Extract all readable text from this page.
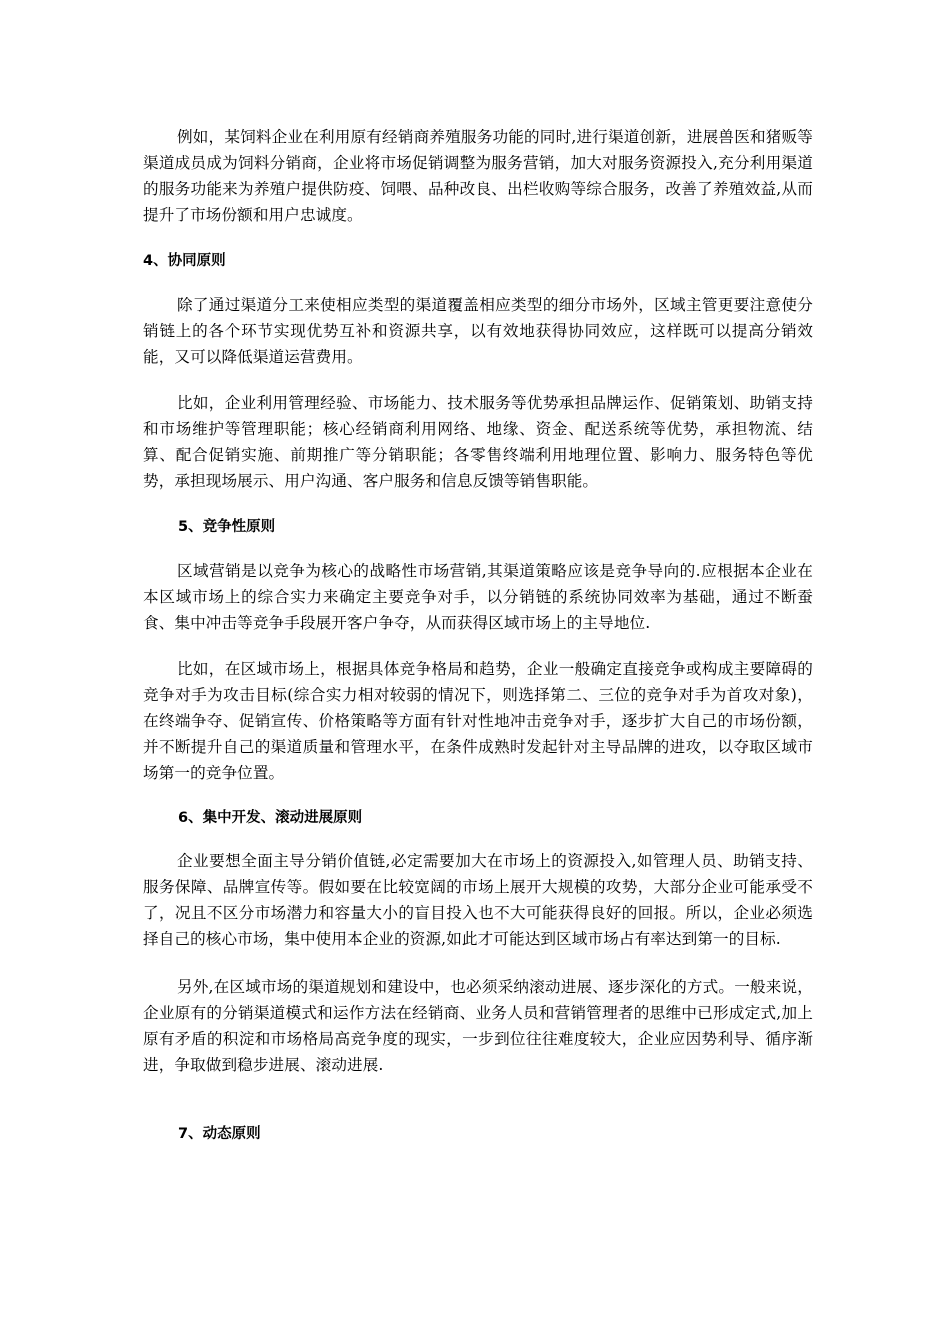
例如，某饲料企业在利用原有经销商养殖服务功能的同时,进行渠道创新，进展兽医和猪贩等渠道成员成为饲料分销商，企业将市场促销调整为服务营销，加大对服务资源投入,充分利用渠道的服务功能来为养殖户提供防疫、饲喂、品种改良、出栏收购等综合服务，改善了养殖效益,从而提升了市场份额和用户忠诚度。

4、协同原则

除了通过渠道分工来使相应类型的渠道覆盖相应类型的细分市场外，区域主管更要注意使分销链上的各个环节实现优势互补和资源共享，以有效地获得协同效应，这样既可以提高分销效能，又可以降低渠道运营费用。

比如，企业利用管理经验、市场能力、技术服务等优势承担品牌运作、促销策划、助销支持和市场维护等管理职能；核心经销商利用网络、地缘、资金、配送系统等优势，承担物流、结算、配合促销实施、前期推广等分销职能；各零售终端利用地理位置、影响力、服务特色等优势，承担现场展示、用户沟通、客户服务和信息反馈等销售职能。

5、竞争性原则

区域营销是以竞争为核心的战略性市场营销,其渠道策略应该是竞争导向的.应根据本企业在本区域市场上的综合实力来确定主要竞争对手，以分销链的系统协同效率为基础，通过不断蚕食、集中冲击等竞争手段展开客户争夺，从而获得区域市场上的主导地位.

比如，在区域市场上，根据具体竞争格局和趋势，企业一般确定直接竞争或构成主要障碍的竞争对手为攻击目标(综合实力相对较弱的情况下，则选择第二、三位的竞争对手为首攻对象)，在终端争夺、促销宣传、价格策略等方面有针对性地冲击竞争对手，逐步扩大自己的市场份额，并不断提升自己的渠道质量和管理水平，在条件成熟时发起针对主导品牌的进攻，以夺取区域市场第一的竞争位置。

6、集中开发、滚动进展原则

企业要想全面主导分销价值链,必定需要加大在市场上的资源投入,如管理人员、助销支持、服务保障、品牌宣传等。假如要在比较宽阔的市场上展开大规模的攻势，大部分企业可能承受不了，况且不区分市场潜力和容量大小的盲目投入也不大可能获得良好的回报。所以，企业必须选择自己的核心市场，集中使用本企业的资源,如此才可能达到区域市场占有率达到第一的目标.

另外,在区域市场的渠道规划和建设中，也必须采纳滚动进展、逐步深化的方式。一般来说，企业原有的分销渠道模式和运作方法在经销商、业务人员和营销管理者的思维中已形成定式,加上原有矛盾的积淀和市场格局高竞争度的现实，一步到位往往难度较大，企业应因势利导、循序渐进，争取做到稳步进展、滚动进展.

7、动态原则
